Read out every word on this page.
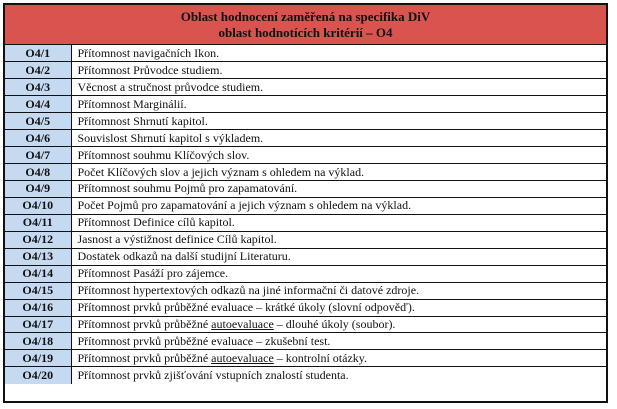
Oblast hodnocení zaměřená na specifika DiV
oblast hodnotících kritérií – O4
O4/1	Přítomnost navigačních Ikon.
O4/2	Přítomnost Průvodce studiem.
O4/3	Věcnost a stručnost průvodce studiem.
O4/4	Přítomnost Marginálií.
O4/5	Přítomnost Shrnutí kapitol.
O4/6	Souvislost Shrnutí kapitol s výkladem.
O4/7	Přítomnost souhmu Klíčových slov.
O4/8	Počet Klíčových slov a jejich význam s ohledem na výklad.
O4/9	Přítomnost souhmu Pojmů pro zapamatování.
O4/10	Počet Pojmů pro zapamatování a jejich význam s ohledem na výklad.
O4/11	Přítomnost Definice cílů kapitol.
O4/12	Jasnost a výstižnost definice Cílů kapitol.
O4/13	Dostatek odkazů na další studijní Literaturu.
O4/14	Přítomnost Pasáží pro zájemce.
O4/15	Přítomnost hypertextových odkazů na jiné informační či datové zdroje.
O4/16	Přítomnost prvků průběžné evaluace – krátké úkoly (slovní odpověď).
O4/17	Přítomnost prvků průběžné autoevaluace – dlouhé úkoly (soubor).
O4/18	Přítomnost prvků průběžné evaluace – zkušební test.
O4/19	Přítomnost prvků průběžné autoevaluace – kontrolní otázky.
O4/20	Přítomnost prvků zjišťování vstupních znalostí studenta.
